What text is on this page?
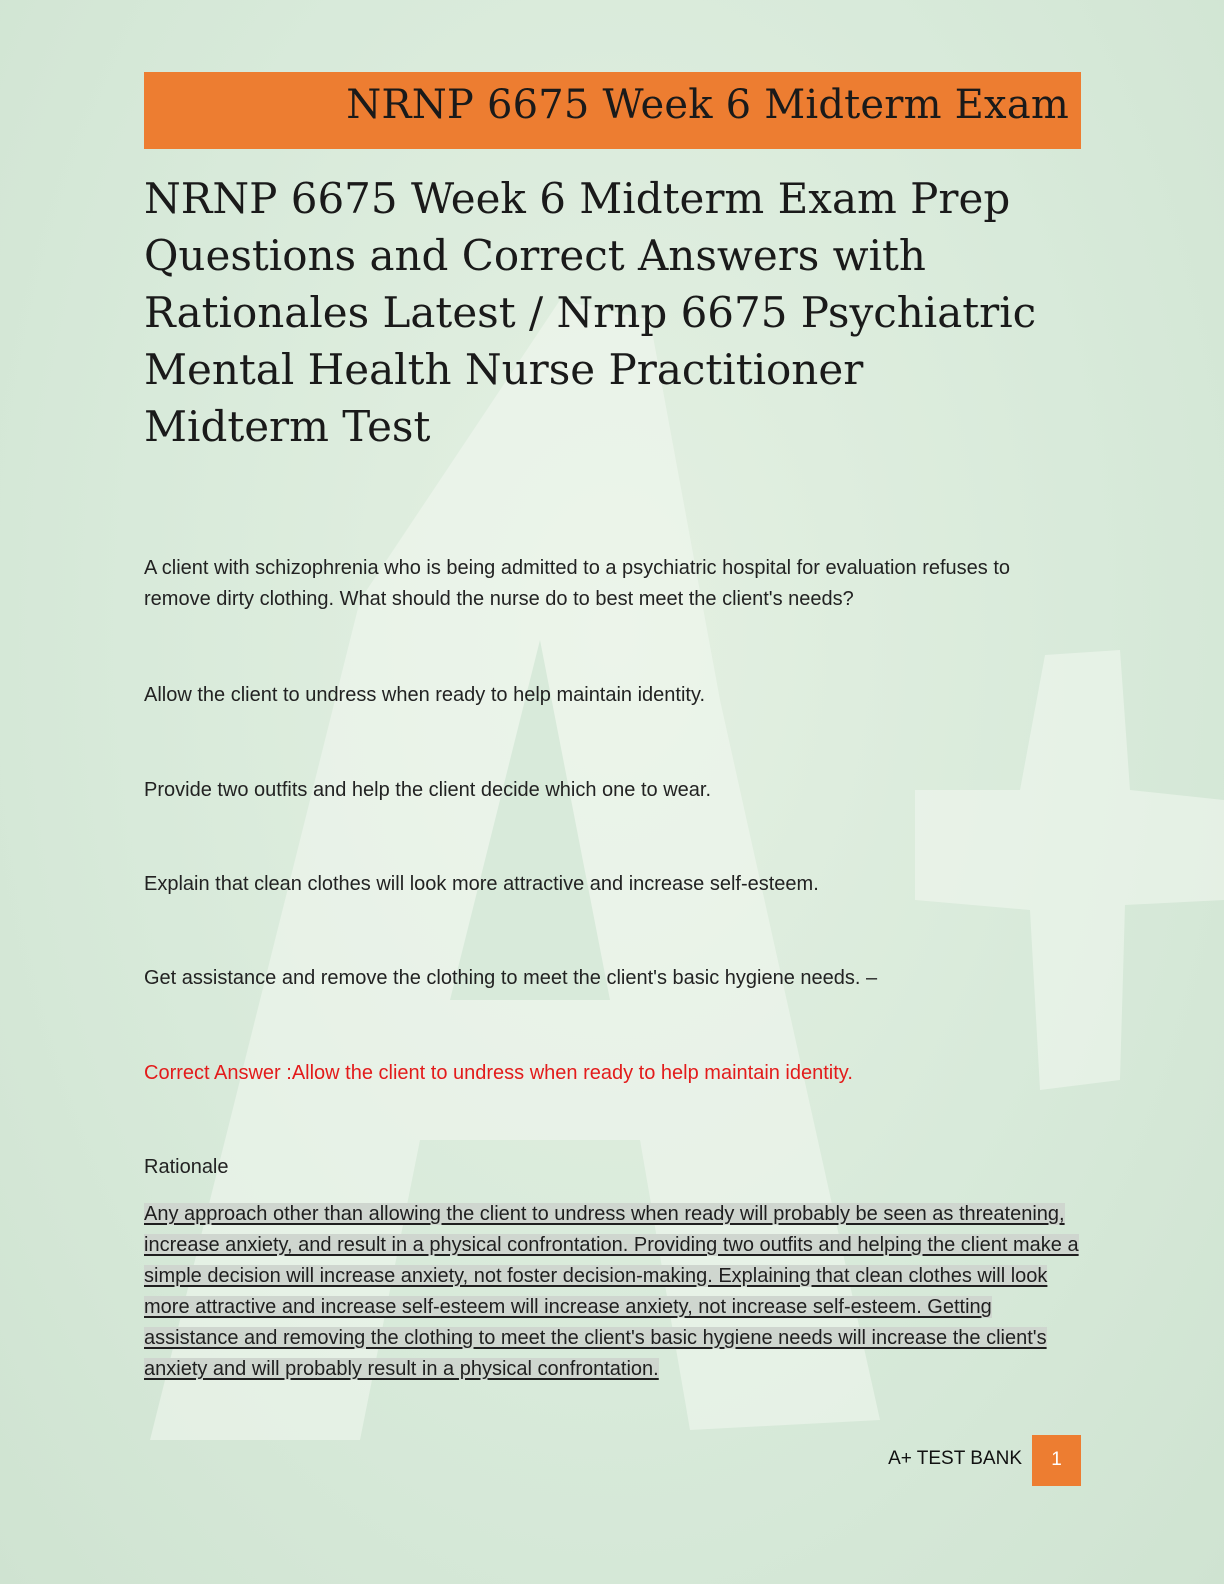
NRNP 6675 Week 6 Midterm Exam
NRNP 6675 Week 6 Midterm Exam Prep Questions and Correct Answers with Rationales Latest / Nrnp 6675 Psychiatric Mental Health Nurse Practitioner Midterm Test

A client with schizophrenia who is being admitted to a psychiatric hospital for evaluation refuses to remove dirty clothing. What should the nurse do to best meet the client's needs?

Allow the client to undress when ready to help maintain identity.

Provide two outfits and help the client decide which one to wear.

Explain that clean clothes will look more attractive and increase self-esteem.

Get assistance and remove the clothing to meet the client's basic hygiene needs. –

Correct Answer :Allow the client to undress when ready to help maintain identity.

Rationale

Any approach other than allowing the client to undress when ready will probably be seen as threatening, increase anxiety, and result in a physical confrontation. Providing two outfits and helping the client make a simple decision will increase anxiety, not foster decision-making. Explaining that clean clothes will look more attractive and increase self-esteem will increase anxiety, not increase self-esteem. Getting assistance and removing the clothing to meet the client's basic hygiene needs will increase the client's anxiety and will probably result in a physical confrontation.

A+ TEST BANK	1
